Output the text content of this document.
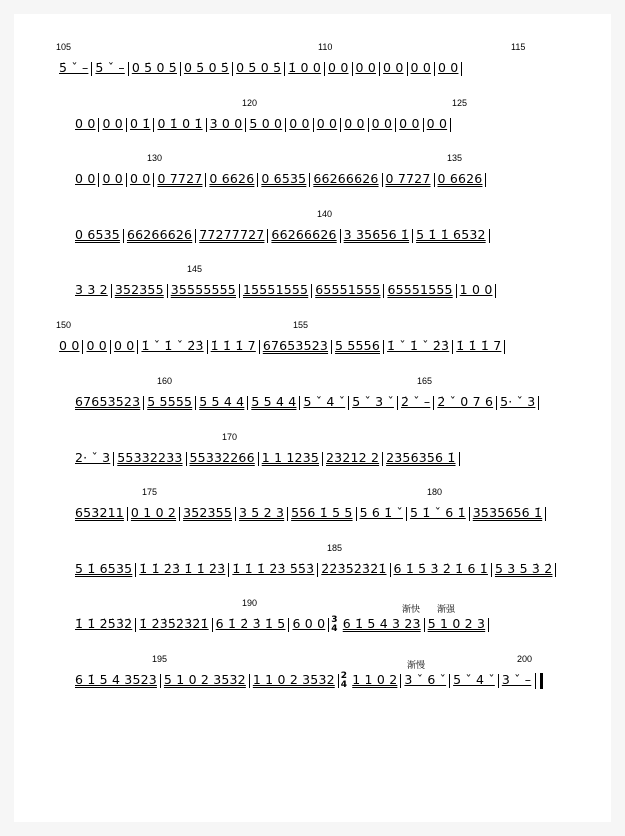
105	110	115
5̇ ˇ – 5̇ ˇ – 0 5̇ 0 5̇ 0 5̇ 0 5̇ 0 5̇ 0 5̇ 1̇ 0 0 0 0 0 0 0 0 0 0 0 0
120	125
0 0 0 0 0 1̇ 0 1̇ 0 1̇ 3 0 0 5 0 0 0 0 0 0 0 0 0 0 0 0 0 0
130	135
0 0 0 0 0 0 0 7727 0 6626 0 6535 66266626 0 7727 0 6626
140
0 6535 66266626 77277727 66266626 3 35656 1̇ 5 1̇ 1̇ 6532
145
3 3 2 352355 35555555 15551555 65551555 65551555 1 0 0
150	155
0 0 0 0 0 0 1̇ ˇ 1̇ ˇ 2̇3̇ 1̇ 1̇ 1̇ 7 67653523 5 5556 1̇ ˇ 1̇ ˇ 2̇3̇ 1̇ 1̇ 1̇ 7
160	165
67653523 5 5555 5 5 4 4 5 5 4 4 5 ˇ 4 ˇ 5 ˇ 3 ˇ 2̇ ˇ – 2̇ ˇ 0 7 6 5· ˇ 3
170
2· ˇ 3 55332233 55332266 1 1 1235 23212 2 2356356 1̇
175	180
653211 0 1 0 2 352355 3 5 2 3 556 1̇ 5 5 5 6 1̇ ˇ 5 1̇ ˇ 6 1̇ 3535656 1̇
185
5 1̇ 6535 1̇ 1̇ 2̇3̇ 1̇ 1̇ 2̇3̇ 1̇ 1̇ 1̇ 2̇3̇ 5̇5̇3̇ 2̇2̇3̇5̇2̇3̇2̇1̇ 6 1̇ 5̇ 3̇ 2̇ 1̇ 6 1̇ 5 3 5 3̇ 2̇
190
渐快 渐强
1̇ 1̇ 2̇5̇3̇2̇ 1̇ 2̇3̇5̇2̇3̇2̇1̇ 6 1̇ 2̇ 3̇ 1̇ 5 6 0 0 3
4 6 1̇ 5 4 3 23 5 1 0 2 3
195	200
渐慢
6 1̇ 5 4 3523 5 1 0 2 3532 1 1 0 2 3532 2
4 1 1 0 2 3 ˇ 6 ˇ 5 ˇ 4 ˇ 3 ˇ –
